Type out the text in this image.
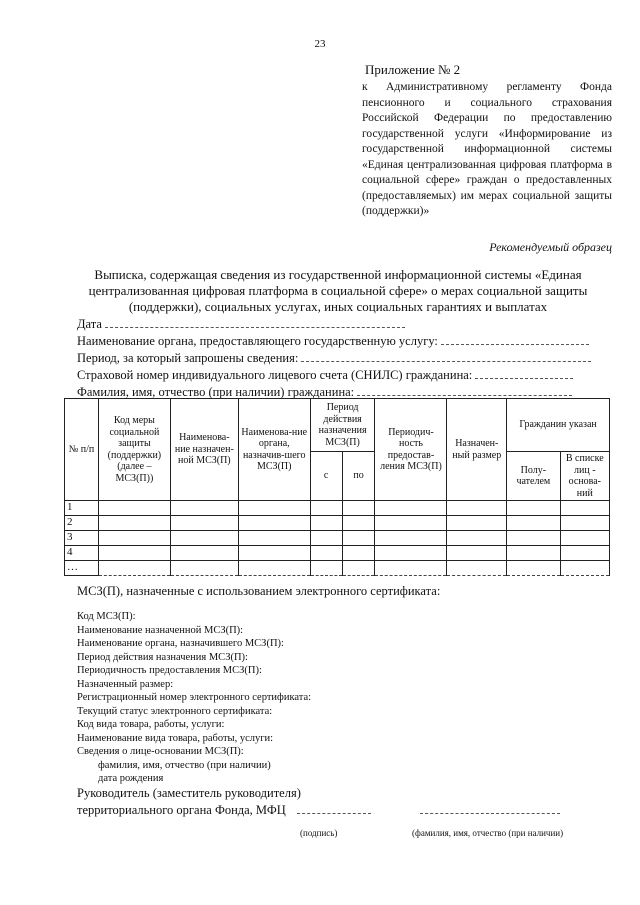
23
Приложение № 2
к Административному регламенту Фонда пенсионного и социального страхования Российской Федерации по предоставлению государственной услуги «Информирование из государственной информационной системы «Единая централизованная цифровая платформа в социальной сфере» граждан о предоставленных (предоставляемых) им мерах социальной защиты (поддержки)»
Рекомендуемый образец
Выписка, содержащая сведения из государственной информационной системы «Единая централизованная цифровая платформа в социальной сфере» о мерах социальной защиты (поддержки), социальных услугах, иных социальных гарантиях и выплатах
Дата
Наименование органа, предоставляющего государственную услугу:
Период, за который запрошены сведения:
Страховой номер индивидуального лицевого счета (СНИЛС) гражданина:
Фамилия, имя, отчество (при наличии) гражданина:
№ п/п	Код меры социальной защиты (поддержки) (далее – МСЗ(П))	Наименова-ние назначен-ной МСЗ(П)	Наименова-ние органа, назначив-шего МСЗ(П)	Период действия назначения МСЗ(П)		Периодич-ность предостав-ления МСЗ(П)	Назначен-ный размер	Гражданин указан	
				с	по			Полу-чателем	В списке лиц - основа-ний
1									
2									
3									
4									
…									
МСЗ(П), назначенные с использованием электронного сертификата:
Код МСЗ(П):
Наименование назначенной МСЗ(П):
Наименование органа, назначившего МСЗ(П):
Период действия назначения МСЗ(П):
Периодичность предоставления МСЗ(П):
Назначенный размер:
Регистрационный номер электронного сертификата:
Текущий статус электронного сертификата:
Код вида товара, работы, услуги:
Наименование вида товара, работы, услуги:
Сведения о лице-основании МСЗ(П):
фамилия, имя, отчество (при наличии)
дата рождения
Руководитель (заместитель руководителя)
территориального органа Фонда, МФЦ
(подпись)	(фамилия, имя, отчество (при наличии)
